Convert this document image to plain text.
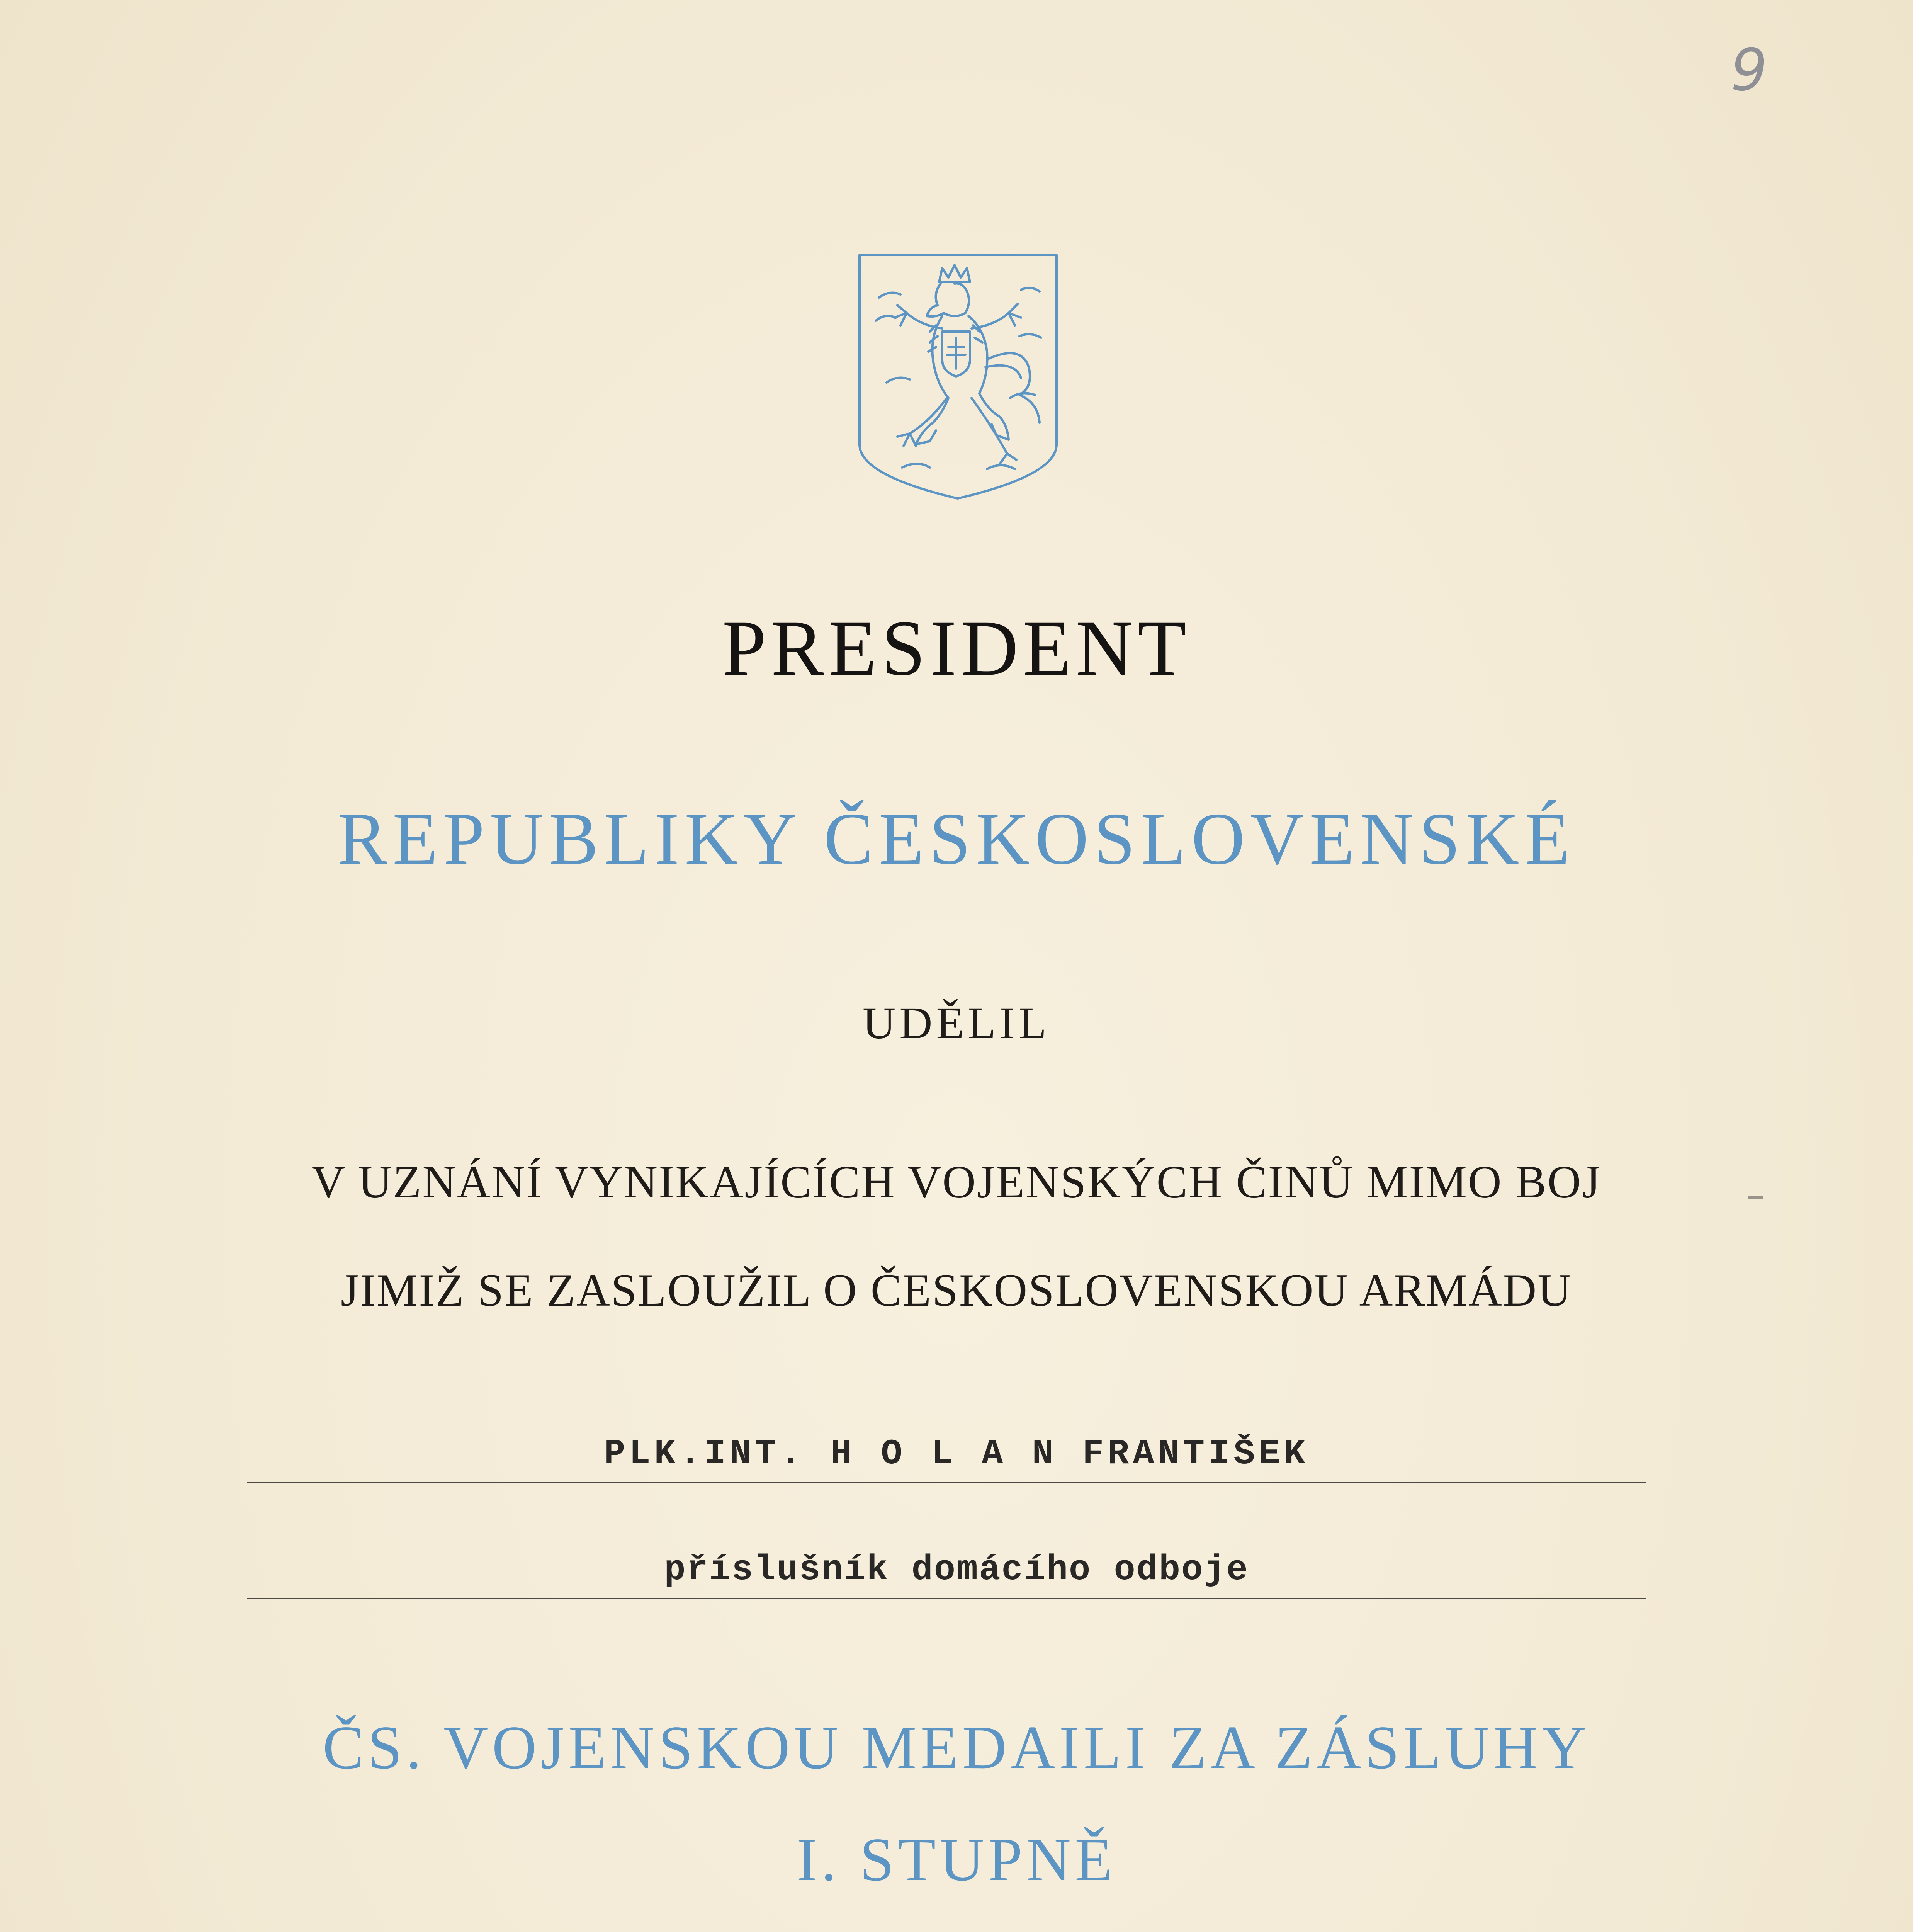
9
PRESIDENT
REPUBLIKY ČESKOSLOVENSKÉ
UDĚLIL
V UZNÁNÍ VYNIKAJÍCÍCH VOJENSKÝCH ČINŮ MIMO BOJ
JIMIŽ SE ZASLOUŽIL O ČESKOSLOVENSKOU ARMÁDU
PLK.INT. H O L A N FRANTIŠEK
příslušník domácího odboje
ČS. VOJENSKOU MEDAILI ZA ZÁSLUHY
I. STUPNĚ
